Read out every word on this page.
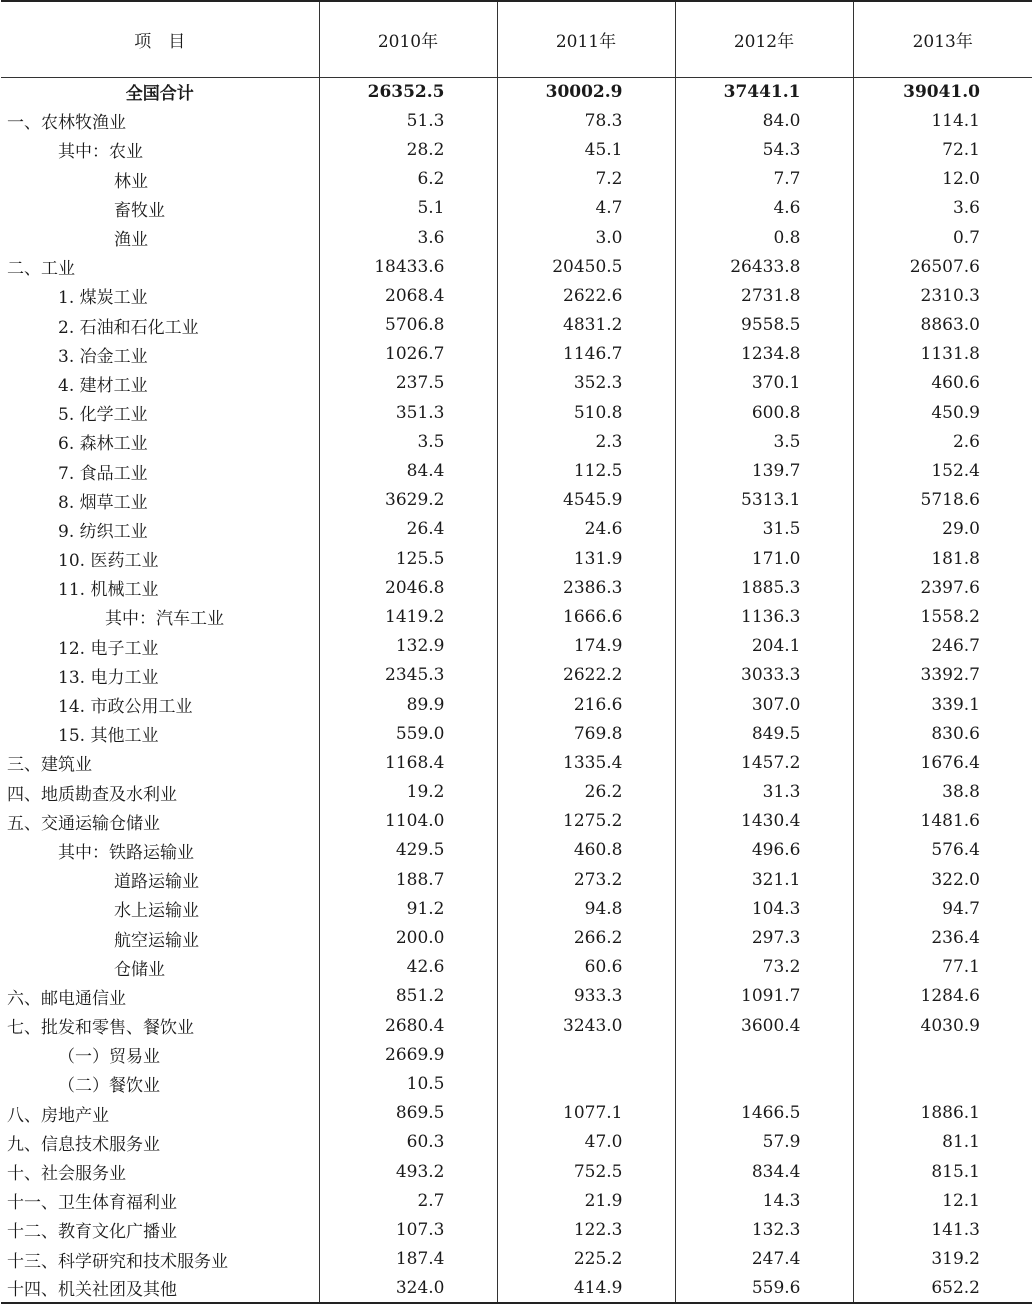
项　目	2010年	2011年	2012年	2013年
全国合计	26352.5	30002.9	37441.1	39041.0
一、农林牧渔业	51.3	78.3	84.0	114.1
其中：农业	28.2	45.1	54.3	72.1
林业	6.2	7.2	7.7	12.0
畜牧业	5.1	4.7	4.6	3.6
渔业	3.6	3.0	0.8	0.7
二、工业	18433.6	20450.5	26433.8	26507.6
1. 煤炭工业	2068.4	2622.6	2731.8	2310.3
2. 石油和石化工业	5706.8	4831.2	9558.5	8863.0
3. 冶金工业	1026.7	1146.7	1234.8	1131.8
4. 建材工业	237.5	352.3	370.1	460.6
5. 化学工业	351.3	510.8	600.8	450.9
6. 森林工业	3.5	2.3	3.5	2.6
7. 食品工业	84.4	112.5	139.7	152.4
8. 烟草工业	3629.2	4545.9	5313.1	5718.6
9. 纺织工业	26.4	24.6	31.5	29.0
10. 医药工业	125.5	131.9	171.0	181.8
11. 机械工业	2046.8	2386.3	1885.3	2397.6
其中：汽车工业	1419.2	1666.6	1136.3	1558.2
12. 电子工业	132.9	174.9	204.1	246.7
13. 电力工业	2345.3	2622.2	3033.3	3392.7
14. 市政公用工业	89.9	216.6	307.0	339.1
15. 其他工业	559.0	769.8	849.5	830.6
三、建筑业	1168.4	1335.4	1457.2	1676.4
四、地质勘查及水利业	19.2	26.2	31.3	38.8
五、交通运输仓储业	1104.0	1275.2	1430.4	1481.6
其中：铁路运输业	429.5	460.8	496.6	576.4
道路运输业	188.7	273.2	321.1	322.0
水上运输业	91.2	94.8	104.3	94.7
航空运输业	200.0	266.2	297.3	236.4
仓储业	42.6	60.6	73.2	77.1
六、邮电通信业	851.2	933.3	1091.7	1284.6
七、批发和零售、餐饮业	2680.4	3243.0	3600.4	4030.9
（一）贸易业	2669.9			
（二）餐饮业	10.5			
八、房地产业	869.5	1077.1	1466.5	1886.1
九、信息技术服务业	60.3	47.0	57.9	81.1
十、社会服务业	493.2	752.5	834.4	815.1
十一、卫生体育福利业	2.7	21.9	14.3	12.1
十二、教育文化广播业	107.3	122.3	132.3	141.3
十三、科学研究和技术服务业	187.4	225.2	247.4	319.2
十四、机关社团及其他	324.0	414.9	559.6	652.2
